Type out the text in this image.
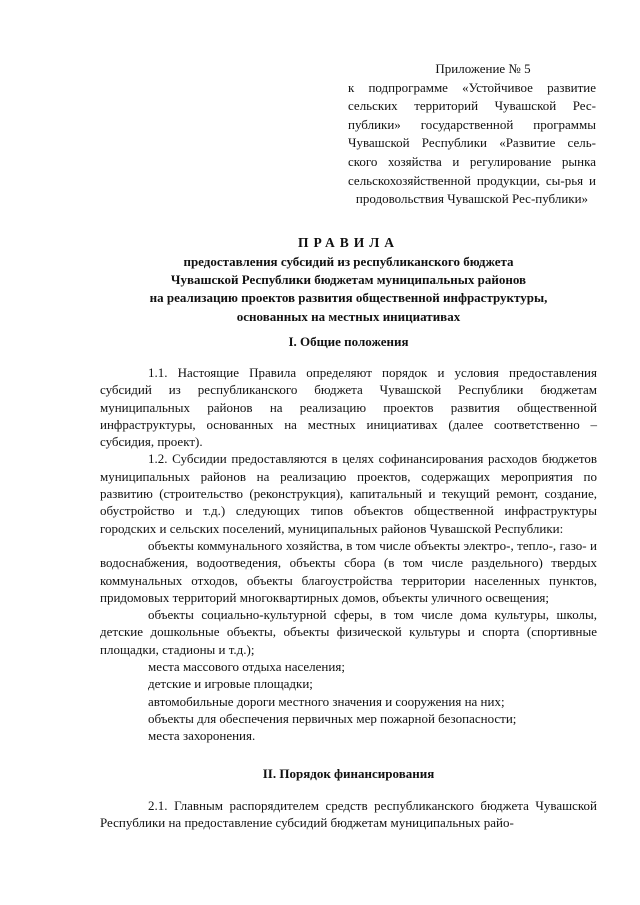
Приложение № 5
к подпрограмме «Устойчивое развитие сельских территорий Чувашской Рес-публики» государственной программы Чувашской Республики «Развитие сель-ского хозяйства и регулирование рынка сельскохозяйственной продукции, сы-рья и продовольствия Чувашской Рес-публики»
ПРАВИЛА
предоставления субсидий из республиканского бюджета
Чувашской Республики бюджетам муниципальных районов
на реализацию проектов развития общественной инфраструктуры,
основанных на местных инициативах
I. Общие положения

1.1. Настоящие Правила определяют порядок и условия предоставления субсидий из республиканского бюджета Чувашской Республики бюджетам муниципальных районов на реализацию проектов развития общественной инфраструктуры, основанных на местных инициативах (далее соответственно – субсидия, проект).

1.2. Субсидии предоставляются в целях софинансирования расходов бюджетов муниципальных районов на реализацию проектов, содержащих мероприятия по развитию (строительство (реконструкция), капитальный и текущий ремонт, создание, обустройство и т.д.) следующих типов объектов общественной инфраструктуры городских и сельских поселений, муниципальных районов Чувашской Республики:

объекты коммунального хозяйства, в том числе объекты электро-, тепло-, газо- и водоснабжения, водоотведения, объекты сбора (в том числе раздельного) твердых коммунальных отходов, объекты благоустройства территории населенных пунктов, придомовых территорий многоквартирных домов, объекты уличного освещения;

объекты социально-культурной сферы, в том числе дома культуры, школы, детские дошкольные объекты, объекты физической культуры и спорта (спортивные площадки, стадионы и т.д.);

места массового отдыха населения;

детские и игровые площадки;

автомобильные дороги местного значения и сооружения на них;

объекты для обеспечения первичных мер пожарной безопасности;

места захоронения.

II. Порядок финансирования

2.1. Главным распорядителем средств республиканского бюджета Чувашской Республики на предоставление субсидий бюджетам муниципальных райо-
